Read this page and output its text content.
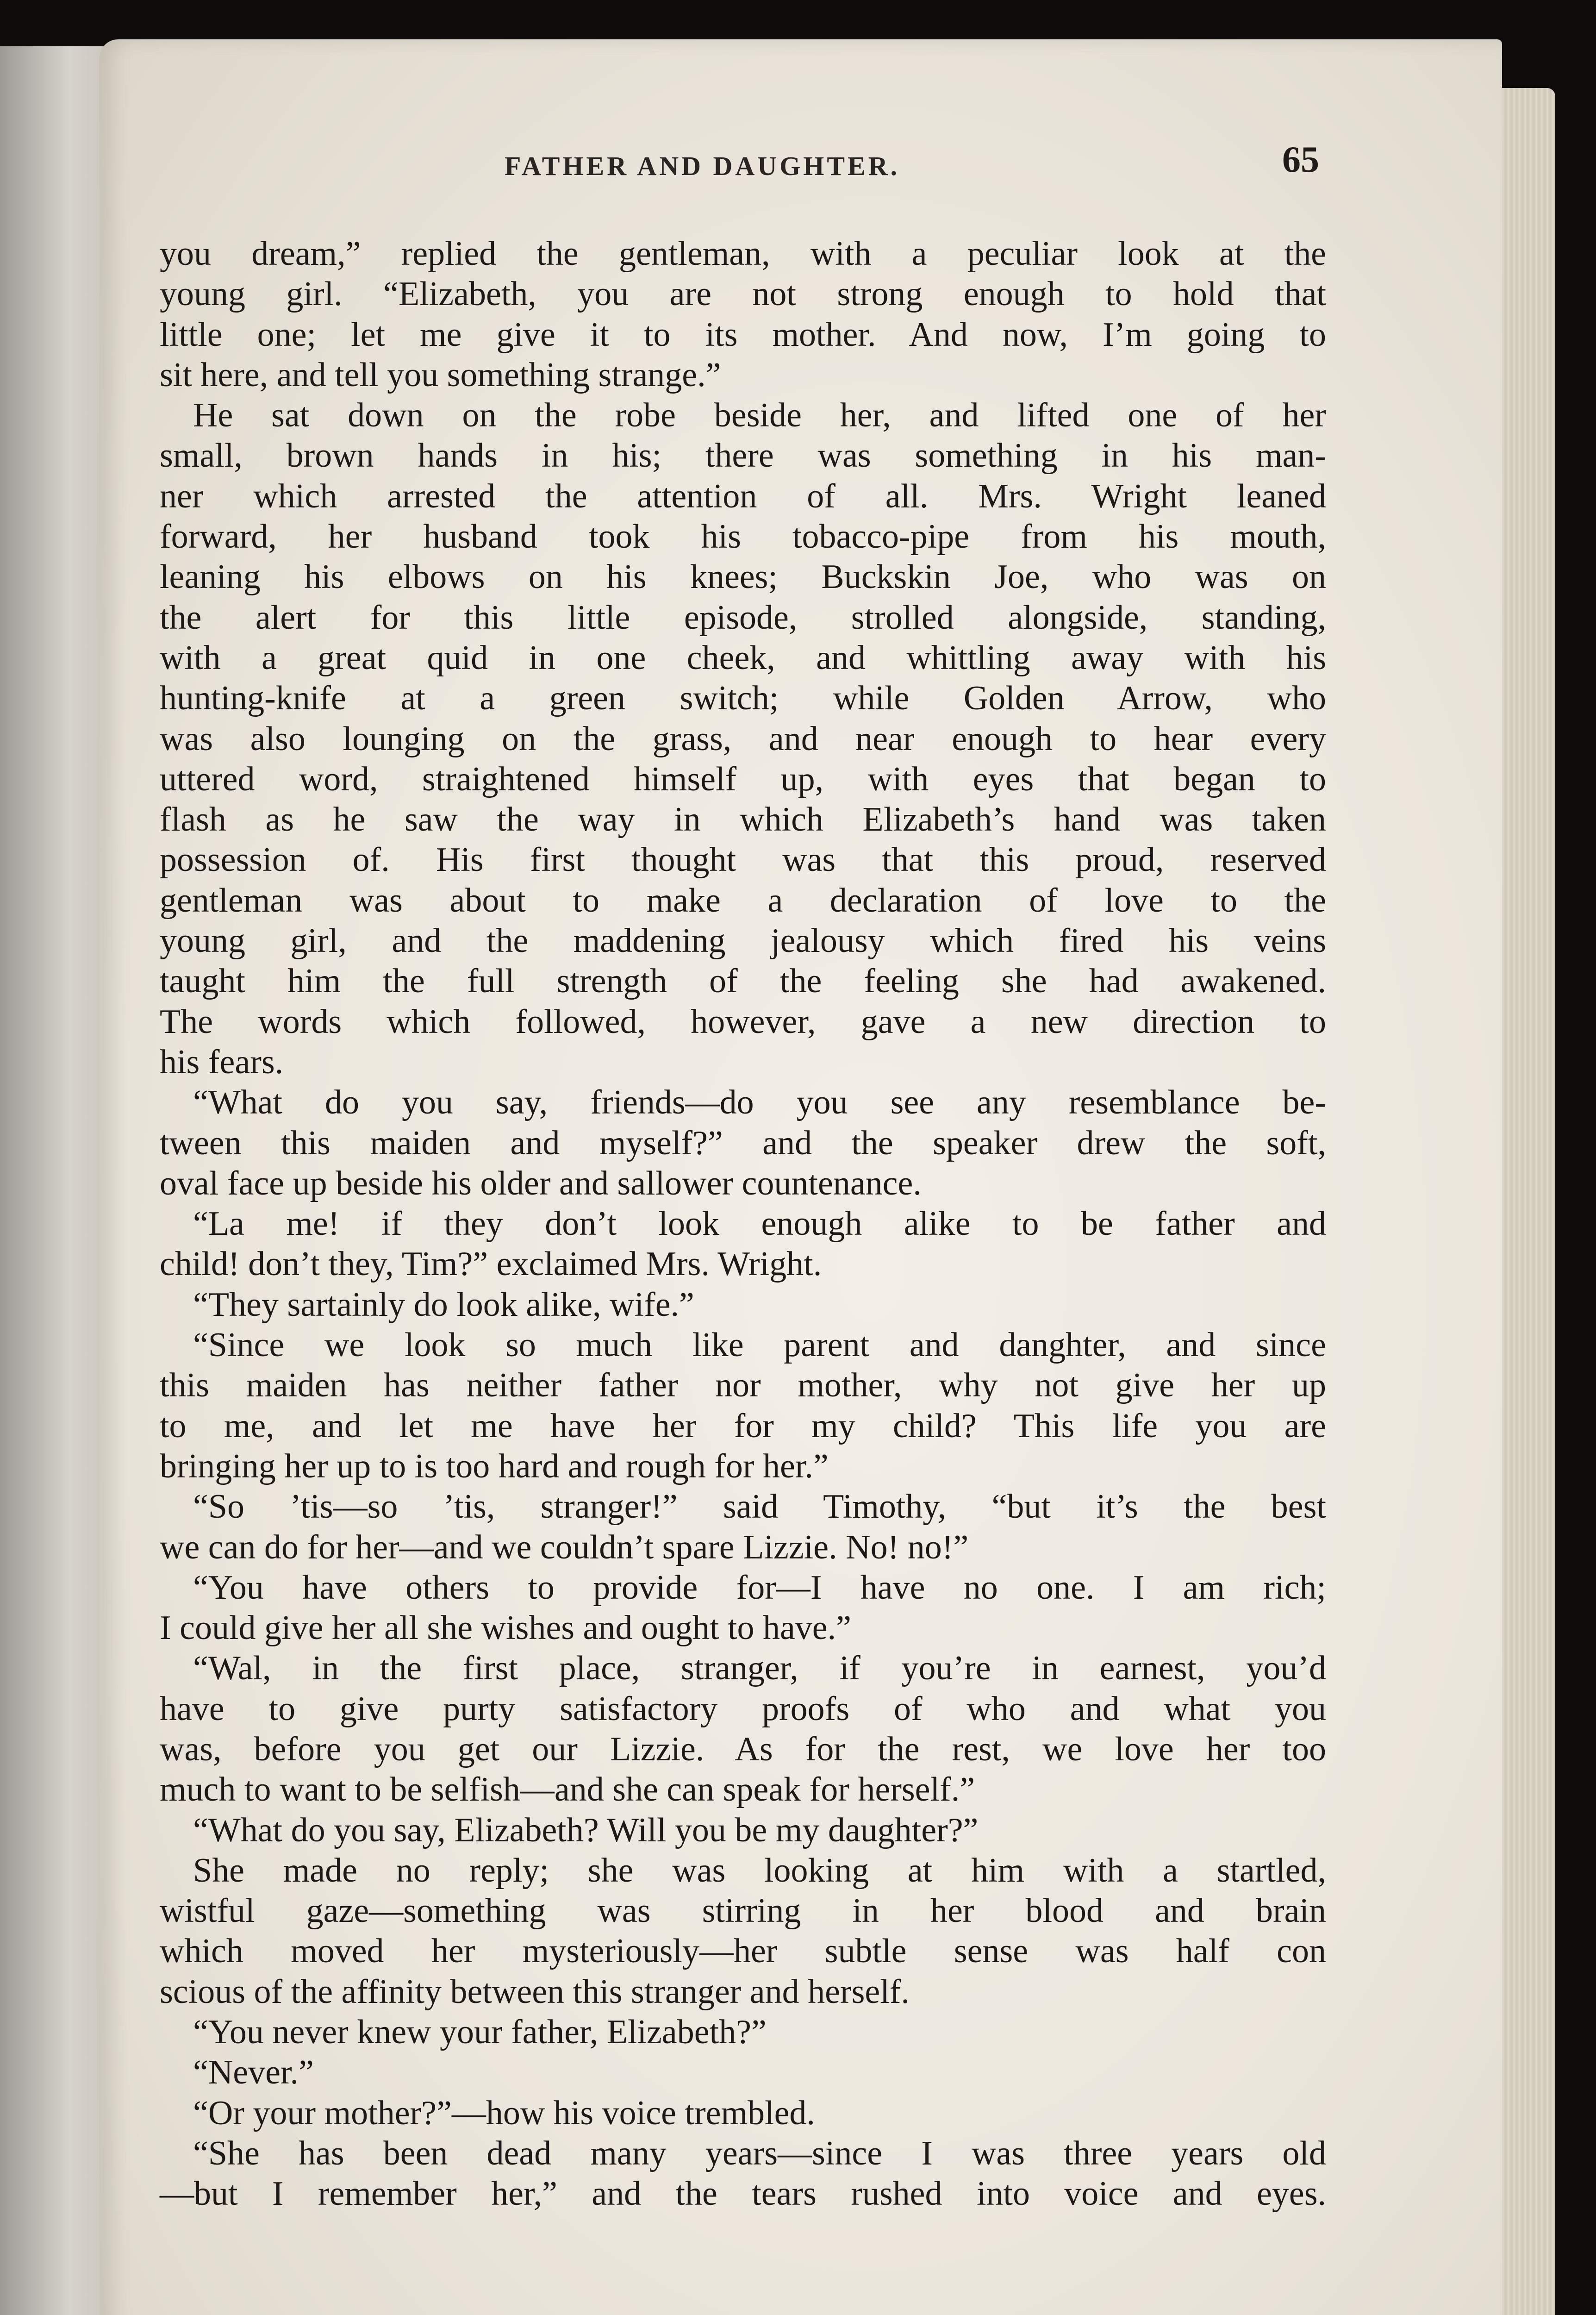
FATHER AND DAUGHTER.	65
you dream,” replied the gentleman, with a peculiar look at the
young girl. “Elizabeth, you are not strong enough to hold that
little one; let me give it to its mother. And now, I’m going to
sit here, and tell you something strange.”
He sat down on the robe beside her, and lifted one of her
small, brown hands in his; there was something in his man-
ner which arrested the attention of all. Mrs. Wright leaned
forward, her husband took his tobacco-pipe from his mouth,
leaning his elbows on his knees; Buckskin Joe, who was on
the alert for this little episode, strolled alongside, standing,
with a great quid in one cheek, and whittling away with his
hunting-knife at a green switch; while Golden Arrow, who
was also lounging on the grass, and near enough to hear every
uttered word, straightened himself up, with eyes that began to
flash as he saw the way in which Elizabeth’s hand was taken
possession of. His first thought was that this proud, reserved
gentleman was about to make a declaration of love to the
young girl, and the maddening jealousy which fired his veins
taught him the full strength of the feeling she had awakened.
The words which followed, however, gave a new direction to
his fears.
“What do you say, friends—do you see any resemblance be-
tween this maiden and myself?” and the speaker drew the soft,
oval face up beside his older and sallower countenance.
“La me! if they don’t look enough alike to be father and
child! don’t they, Tim?” exclaimed Mrs. Wright.
“They sartainly do look alike, wife.”
“Since we look so much like parent and danghter, and since
this maiden has neither father nor mother, why not give her up
to me, and let me have her for my child? This life you are
bringing her up to is too hard and rough for her.”
“So ’tis—so ’tis, stranger!” said Timothy, “but it’s the best
we can do for her—and we couldn’t spare Lizzie. No! no!”
“You have others to provide for—I have no one. I am rich;
I could give her all she wishes and ought to have.”
“Wal, in the first place, stranger, if you’re in earnest, you’d
have to give purty satisfactory proofs of who and what you
was, before you get our Lizzie. As for the rest, we love her too
much to want to be selfish—and she can speak for herself.”
“What do you say, Elizabeth? Will you be my daughter?”
She made no reply; she was looking at him with a startled,
wistful gaze—something was stirring in her blood and brain
which moved her mysteriously—her subtle sense was half con
scious of the affinity between this stranger and herself.
“You never knew your father, Elizabeth?”
“Never.”
“Or your mother?”—how his voice trembled.
“She has been dead many years—since I was three years old
—but I remember her,” and the tears rushed into voice and eyes.
